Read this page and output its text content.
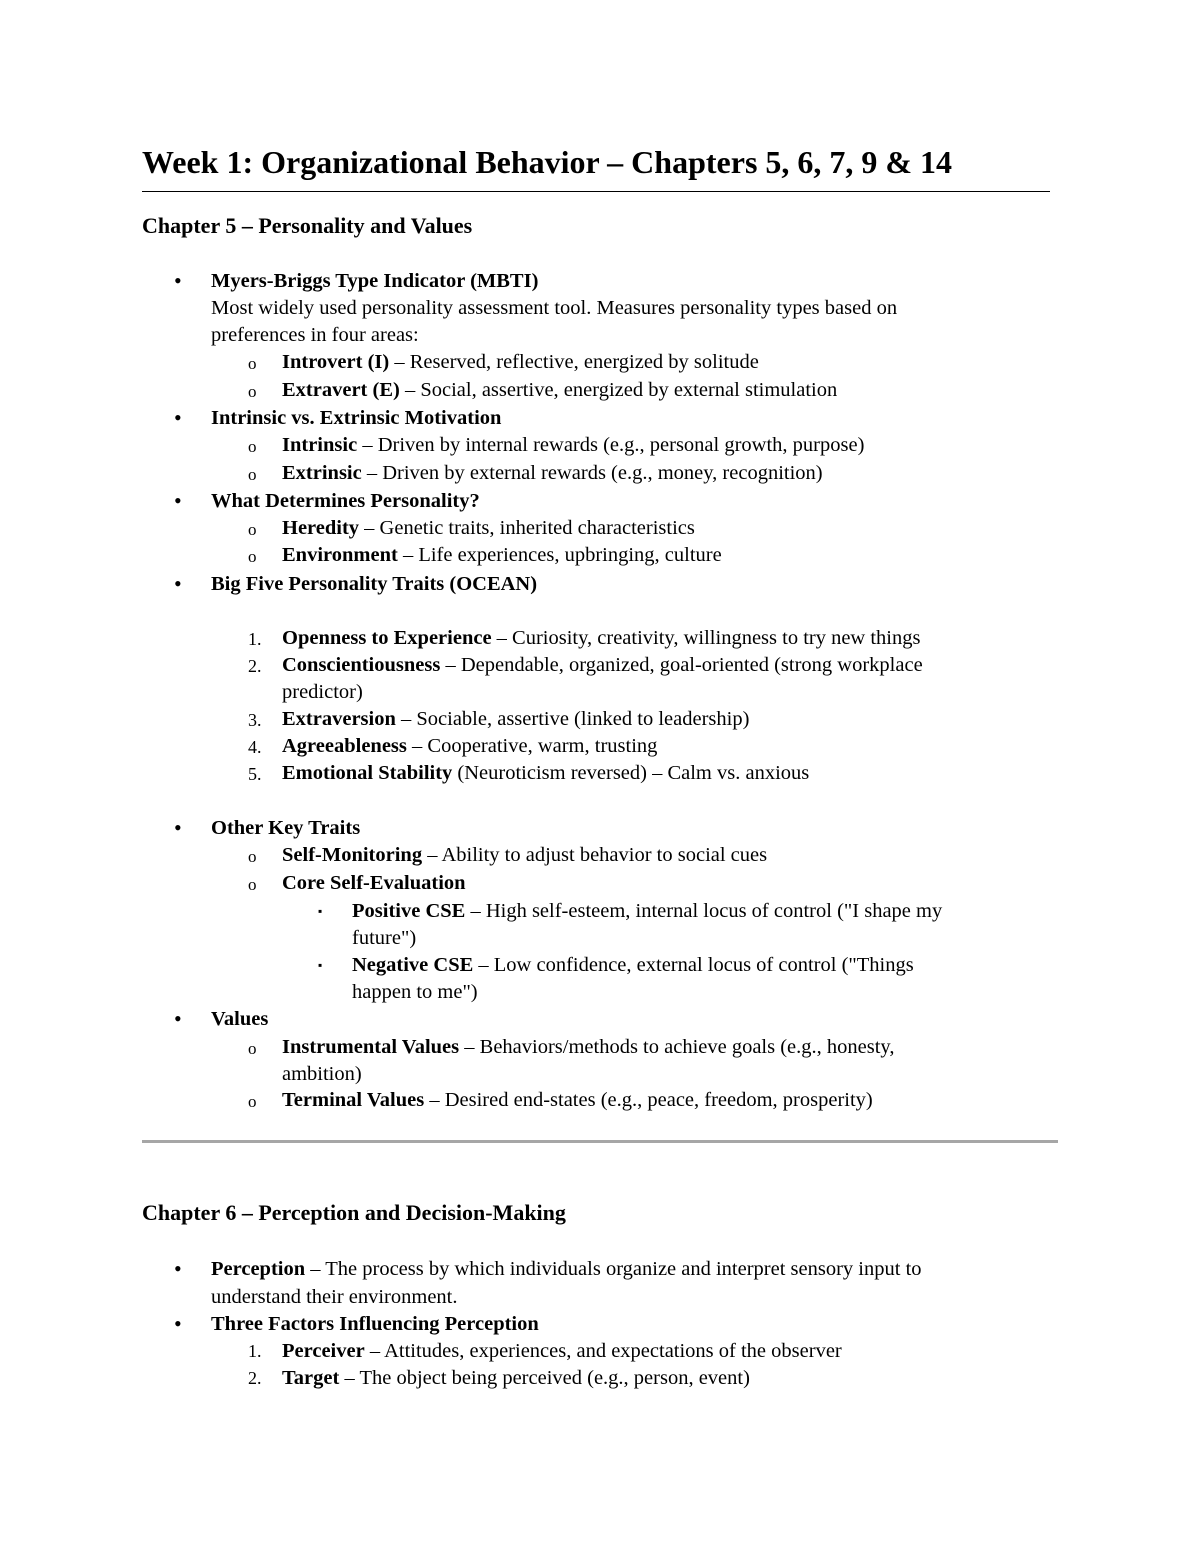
Week 1: Organizational Behavior – Chapters 5, 6, 7, 9 & 14
Chapter 5 – Personality and Values
• Myers-Briggs Type Indicator (MBTI)
Most widely used personality assessment tool. Measures personality types based on
preferences in four areas:
o Introvert (I) – Reserved, reflective, energized by solitude
o Extravert (E) – Social, assertive, energized by external stimulation
• Intrinsic vs. Extrinsic Motivation
o Intrinsic – Driven by internal rewards (e.g., personal growth, purpose)
o Extrinsic – Driven by external rewards (e.g., money, recognition)
• What Determines Personality?
o Heredity – Genetic traits, inherited characteristics
o Environment – Life experiences, upbringing, culture
• Big Five Personality Traits (OCEAN)
1. Openness to Experience – Curiosity, creativity, willingness to try new things
2. Conscientiousness – Dependable, organized, goal-oriented (strong workplace
predictor)
3. Extraversion – Sociable, assertive (linked to leadership)
4. Agreeableness – Cooperative, warm, trusting
5. Emotional Stability (Neuroticism reversed) – Calm vs. anxious
• Other Key Traits
o Self-Monitoring – Ability to adjust behavior to social cues
o Core Self-Evaluation
▪ Positive CSE – High self-esteem, internal locus of control ("I shape my
future")
▪ Negative CSE – Low confidence, external locus of control ("Things
happen to me")
• Values
o Instrumental Values – Behaviors/methods to achieve goals (e.g., honesty,
ambition)
o Terminal Values – Desired end-states (e.g., peace, freedom, prosperity)
Chapter 6 – Perception and Decision-Making
• Perception – The process by which individuals organize and interpret sensory input to
understand their environment.
• Three Factors Influencing Perception
1. Perceiver – Attitudes, experiences, and expectations of the observer
2. Target – The object being perceived (e.g., person, event)
